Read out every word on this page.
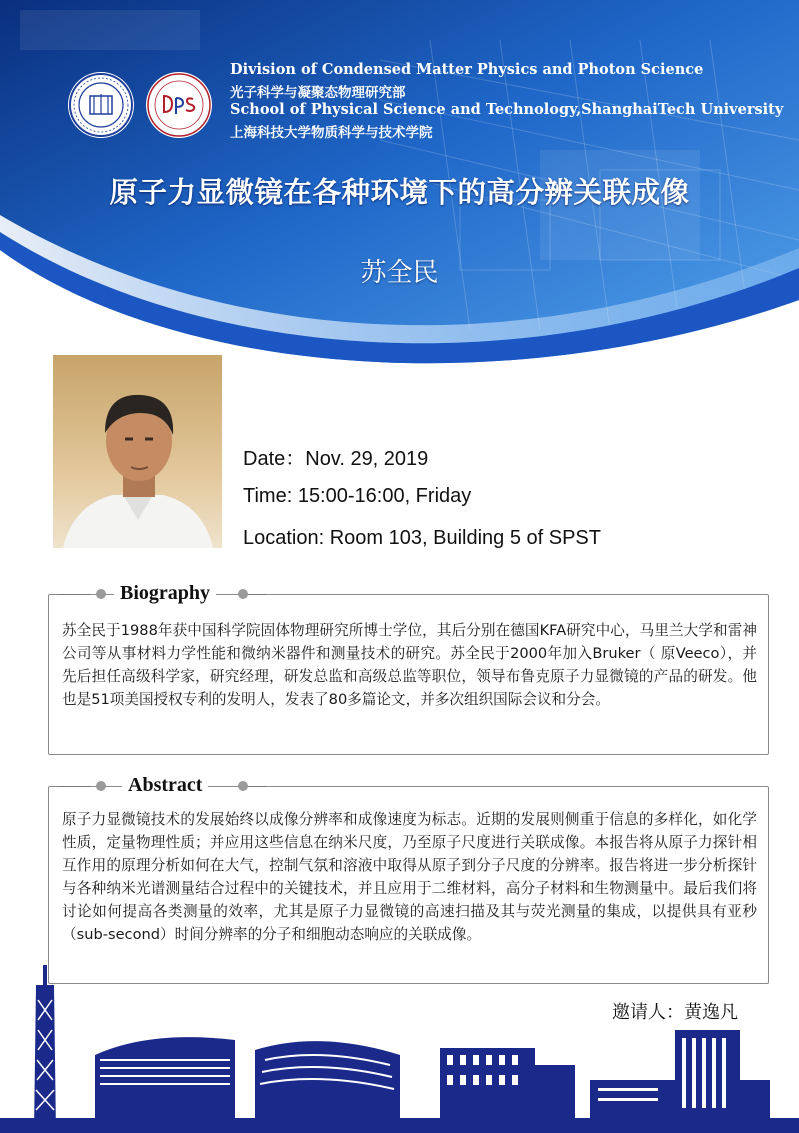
Division of Condensed Matter Physics and Photon Science
光子科学与凝聚态物理研究部
School of Physical Science and Technology,ShanghaiTech University
上海科技大学物质科学与技术学院
原子力显微镜在各种环境下的高分辨关联成像
苏全民
Date：Nov. 29, 2019
Time: 15:00-16:00, Friday
Location: Room 103, Building 5 of SPST
Biography
苏全民于1988年获中国科学院固体物理研究所博士学位，其后分别在德国KFA研究中心，马里兰大学和雷神公司等从事材料力学性能和微纳米器件和测量技术的研究。苏全民于2000年加入Bruker（ 原Veeco），并先后担任高级科学家，研究经理，研发总监和高级总监等职位，领导布鲁克原子力显微镜的产品的研发。他也是51项美国授权专利的发明人，发表了80多篇论文，并多次组织国际会议和分会。
Abstract
原子力显微镜技术的发展始终以成像分辨率和成像速度为标志。近期的发展则侧重于信息的多样化，如化学性质，定量物理性质；并应用这些信息在纳米尺度，乃至原子尺度进行关联成像。本报告将从原子力探针相互作用的原理分析如何在大气，控制气氛和溶液中取得从原子到分子尺度的分辨率。报告将进一步分析探针与各种纳米光谱测量结合过程中的关键技术，并且应用于二维材料，高分子材料和生物测量中。最后我们将讨论如何提高各类测量的效率，尤其是原子力显微镜的高速扫描及其与荧光测量的集成，以提供具有亚秒（sub-second）时间分辨率的分子和细胞动态响应的关联成像。
邀请人：黄逸凡
